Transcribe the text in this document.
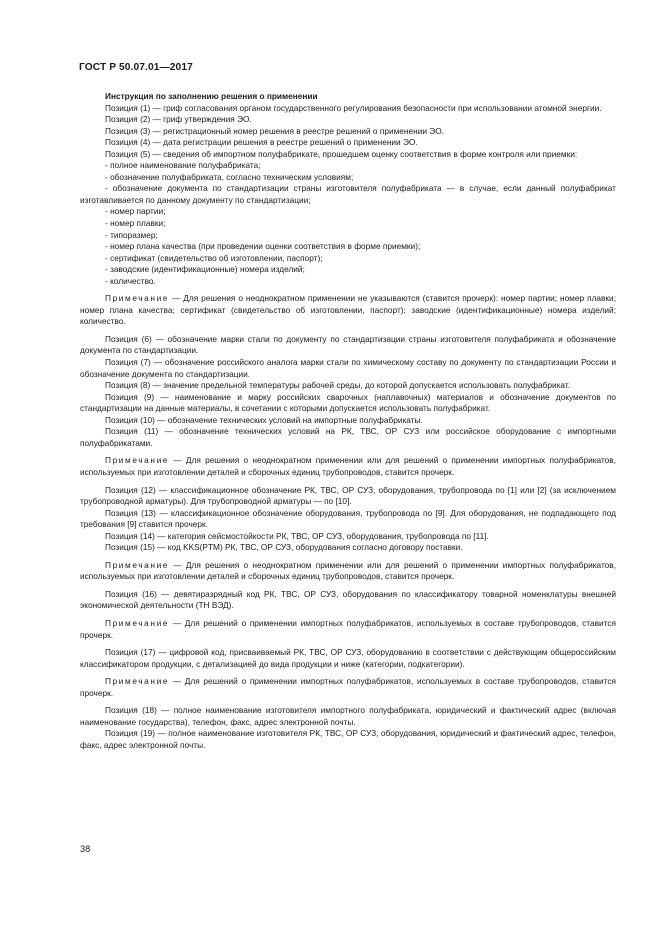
ГОСТ Р 50.07.01—2017

Инструкция по заполнению решения о применении

Позиция (1) — гриф согласования органом государственного регулирования безопасности при использовании атомной энергии.

Позиция (2) — гриф утверждения ЭО.

Позиция (3) — регистрационный номер решения в реестре решений о применении ЭО.

Позиция (4) — дата регистрации решения в реестре решений о применении ЭО.

Позиция (5) — сведения об импортном полуфабрикате, прошедшем оценку соответствия в форме контроля или приемки:

- полное наименование полуфабриката;

- обозначение полуфабриката, согласно техническим условиям;

- обозначение документа по стандартизации страны изготовителя полуфабриката — в случае, если данный полуфабрикат изготавливается по данному документу по стандартизации;

- номер партии;

- номер плавки;

- типоразмер;

- номер плана качества (при проведении оценки соответствия в форме приемки);

- сертификат (свидетельство об изготовлении, паспорт);

- заводские (идентификационные) номера изделий;

- количество.

Примечание — Для решения о неоднократном применении не указываются (ставится прочерк): номер партии; номер плавки; номер плана качества; сертификат (свидетельство об изготовлении, паспорт); заводские (идентификационные) номера изделий; количество.

Позиция (6) — обозначение марки стали по документу по стандартизации страны изготовителя полуфабриката и обозначение документа по стандартизации.

Позиция (7) — обозначение российского аналога марки стали по химическому составу по документу по стандартизации России и обозначение документа по стандартизации.

Позиция (8) — значение предельной температуры рабочей среды, до которой допускается использовать полуфабрикат.

Позиция (9) — наименование и марку российских сварочных (наплавочных) материалов и обозначение документов по стандартизации на данные материалы, в сочетании с которыми допускается использовать полуфабрикат.

Позиция (10) — обозначение технических условий на импортные полуфабрикаты.

Позиция (11) — обозначение технических условий на РК, ТВС, ОР СУЗ или российское оборудование с импортными полуфабрикатами.

Примечание — Для решения о неоднократном применении или для решений о применении импортных полуфабрикатов, используемых при изготовлении деталей и сборочных единиц трубопроводов, ставится прочерк.

Позиция (12) — классификационное обозначение РК, ТВС, ОР СУЗ, оборудования, трубопровода по [1] или [2] (за исключением трубопроводной арматуры). Для трубопроводной арматуры — по [10].

Позиция (13) — классификационное обозначение оборудования, трубопровода по [9]. Для оборудования, не подпадающего под требования [9] ставится прочерк.

Позиция (14) — категория сейсмостойкости РК, ТВС, ОР СУЗ, оборудования, трубопровода по [11].

Позиция (15) — код KKS(PTM) РК, ТВС, ОР СУЗ, оборудования согласно договору поставки.

Примечание — Для решения о неоднократном применении или для решений о применении импортных полуфабрикатов, используемых при изготовлении деталей и сборочных единиц трубопроводов, ставится прочерк.

Позиция (16) — девятиразрядный код РК, ТВС, ОР СУЗ, оборудования по классификатору товарной номенклатуры внешней экономической деятельности (ТН ВЭД).

Примечание — Для решений о применении импортных полуфабрикатов, используемых в составе трубопроводов, ставится прочерк.

Позиция (17) — цифровой код, присваиваемый РК, ТВС, ОР СУЗ, оборудованию в соответствии с действующим общероссийским классификатором продукции, с детализацией до вида продукции и ниже (категории, подкатегории).

Примечание — Для решений о применении импортных полуфабрикатов, используемых в составе трубопроводов, ставится прочерк.

Позиция (18) — полное наименование изготовителя импортного полуфабриката, юридический и фактический адрес (включая наименование государства), телефон, факс, адрес электронной почты.

Позиция (19) — полное наименование изготовителя РК, ТВС, ОР СУЗ, оборудования, юридический и фактический адрес, телефон, факс, адрес электронной почты.

38
